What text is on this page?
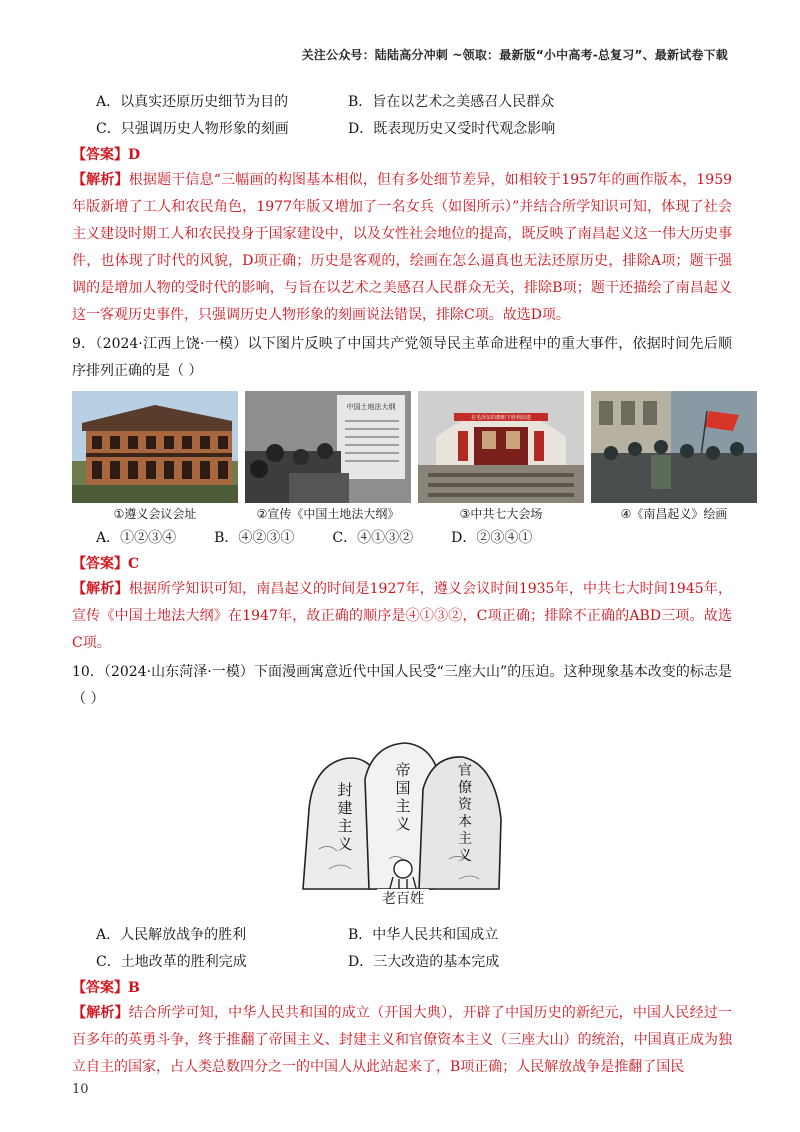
关注公众号：陆陆高分冲刺 ~领取：最新版“小中高考-总复习”、最新试卷下载
A．以真实还原历史细节为目的	B．旨在以艺术之美感召人民群众
C．只强调历史人物形象的刻画	D．既表现历史又受时代观念影响
【答案】D
【解析】根据题干信息“三幅画的构图基本相似，但有多处细节差异，如相较于1957年的画作版本，1959年版新增了工人和农民角色，1977年版又增加了一名女兵（如图所示）”并结合所学知识可知，体现了社会主义建设时期工人和农民投身于国家建设中，以及女性社会地位的提高，既反映了南昌起义这一伟大历史事件，也体现了时代的风貌，D项正确；历史是客观的，绘画在怎么逼真也无法还原历史，排除A项；题干强调的是增加人物的受时代的影响，与旨在以艺术之美感召人民群众无关，排除B项；题干还描绘了南昌起义这一客观历史事件，只强调历史人物形象的刻画说法错误，排除C项。故选D项。
9．（2024·江西上饶·一模）以下图片反映了中国共产党领导民主革命进程中的重大事件，依据时间先后顺序排列正确的是（ ）
①遵义会议会址
中国土地法大纲
②宣传《中国土地法大纲》
在毛泽东的旗帜下胜利前进
③中共七大会场	④《南昌起义》绘画
A．①②③④	B．④②③①	C．④①③②	D．②③④①
【答案】C
【解析】根据所学知识可知，南昌起义的时间是1927年，遵义会议时间1935年，中共七大时间1945年，宣传《中国土地法大纲》在1947年，故正确的顺序是④①③②，C项正确；排除不正确的ABD三项。故选C项。
10．（2024·山东菏泽·一模）下面漫画寓意近代中国人民受“三座大山”的压迫。这种现象基本改变的标志是（ ）
封建主义
帝国主义
官僚资本主义
老百姓
A．人民解放战争的胜利	B．中华人民共和国成立
C．土地改革的胜利完成	D．三大改造的基本完成
【答案】B
【解析】结合所学可知，中华人民共和国的成立（开国大典），开辟了中国历史的新纪元，中国人民经过一百多年的英勇斗争，终于推翻了帝国主义、封建主义和官僚资本主义（三座大山）的统治，中国真正成为独立自主的国家，占人类总数四分之一的中国人从此站起来了，B项正确；人民解放战争是推翻了国民
10
